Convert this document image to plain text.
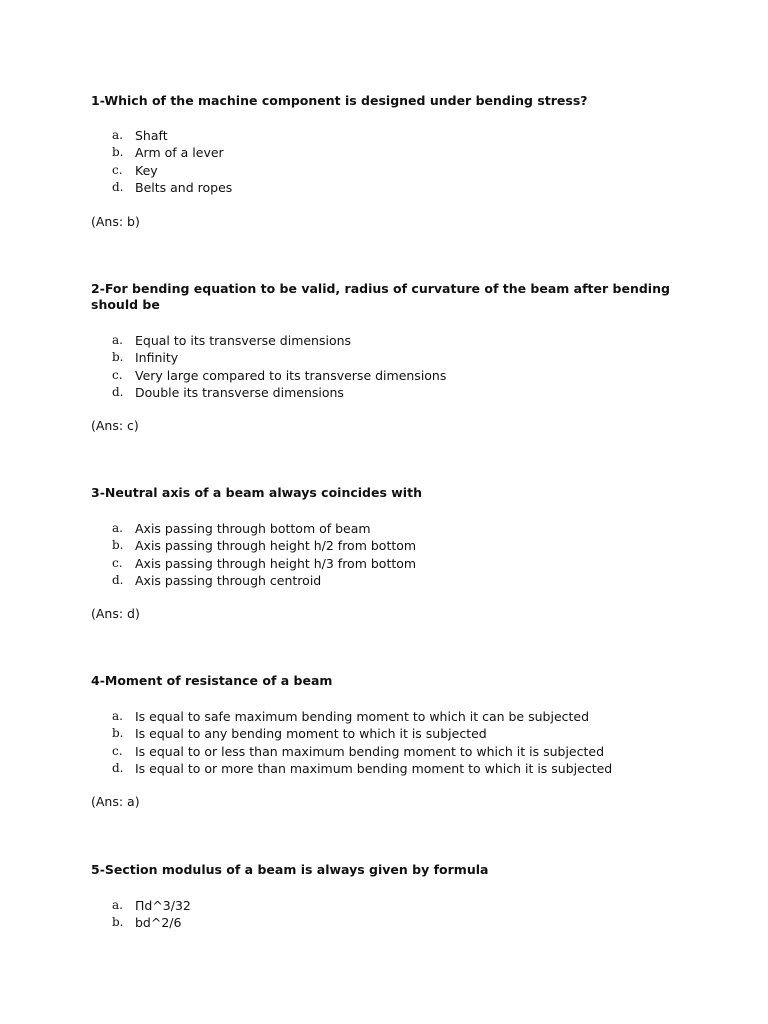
1-Which of the machine component is designed under bending stress?

a. Shaft
b. Arm of a lever
c. Key
d. Belts and ropes
(Ans: b)

2-For bending equation to be valid, radius of curvature of the beam after bending should be

a. Equal to its transverse dimensions
b. Infinity
c. Very large compared to its transverse dimensions
d. Double its transverse dimensions
(Ans: c)

3-Neutral axis of a beam always coincides with

a. Axis passing through bottom of beam
b. Axis passing through height h/2 from bottom
c. Axis passing through height h/3 from bottom
d. Axis passing through centroid
(Ans: d)

4-Moment of resistance of a beam

a. Is equal to safe maximum bending moment to which it can be subjected
b. Is equal to any bending moment to which it is subjected
c. Is equal to or less than maximum bending moment to which it is subjected
d. Is equal to or more than maximum bending moment to which it is subjected
(Ans: a)

5-Section modulus of a beam is always given by formula

a. Πd^3/32
b. bd^2/6
